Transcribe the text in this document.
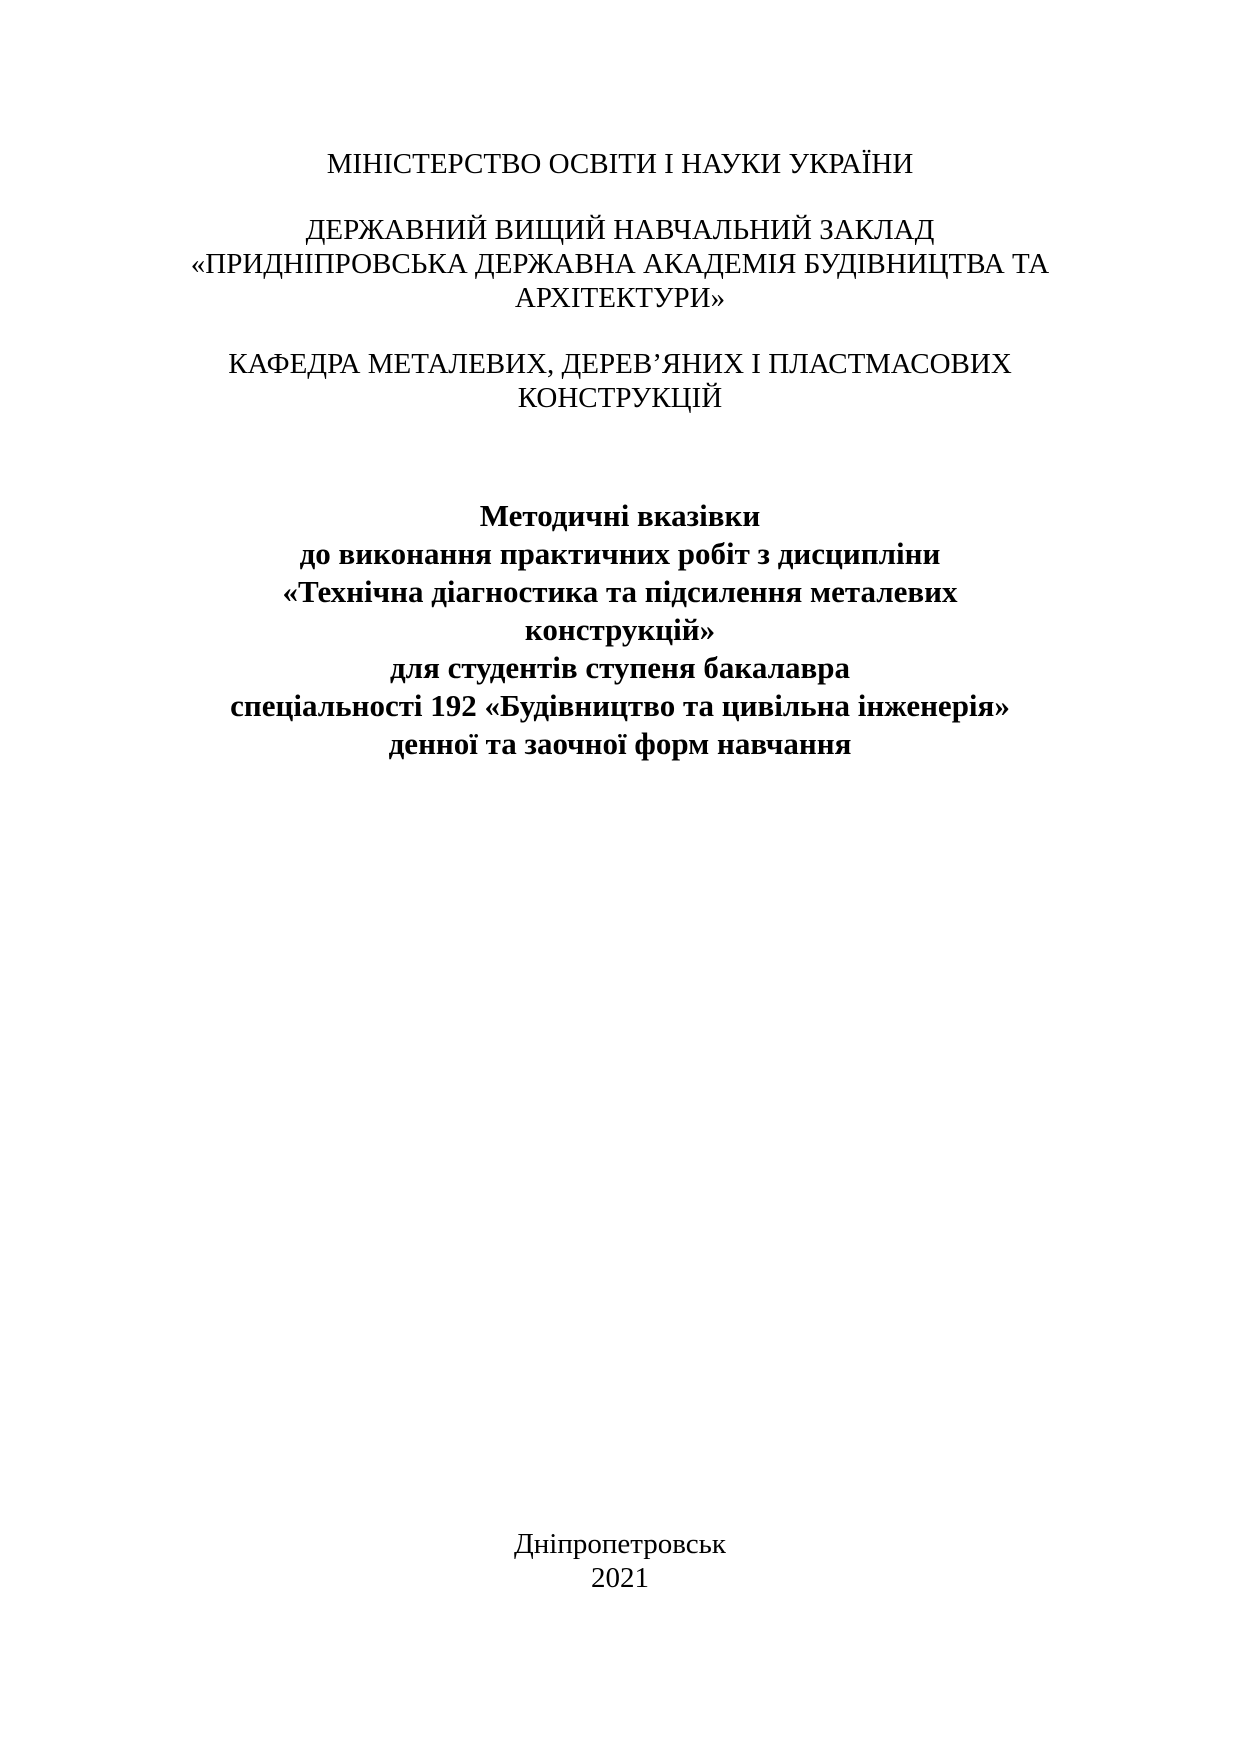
МІНІСТЕРСТВО ОСВІТИ І НАУКИ УКРАЇНИ
ДЕРЖАВНИЙ ВИЩИЙ НАВЧАЛЬНИЙ ЗАКЛАД
«ПРИДНІПРОВСЬКА ДЕРЖАВНА АКАДЕМІЯ БУДІВНИЦТВА ТА
АРХІТЕКТУРИ»
КАФЕДРА МЕТАЛЕВИХ, ДЕРЕВ’ЯНИХ І ПЛАСТМАСОВИХ
КОНСТРУКЦІЙ
Методичні вказівки
до виконання практичних робіт з дисципліни
«Технічна діагностика та підсилення металевих
конструкцій»
для студентів ступеня бакалавра
спеціальності 192 «Будівництво та цивільна інженерія»
денної та заочної форм навчання
Дніпропетровськ
2021
